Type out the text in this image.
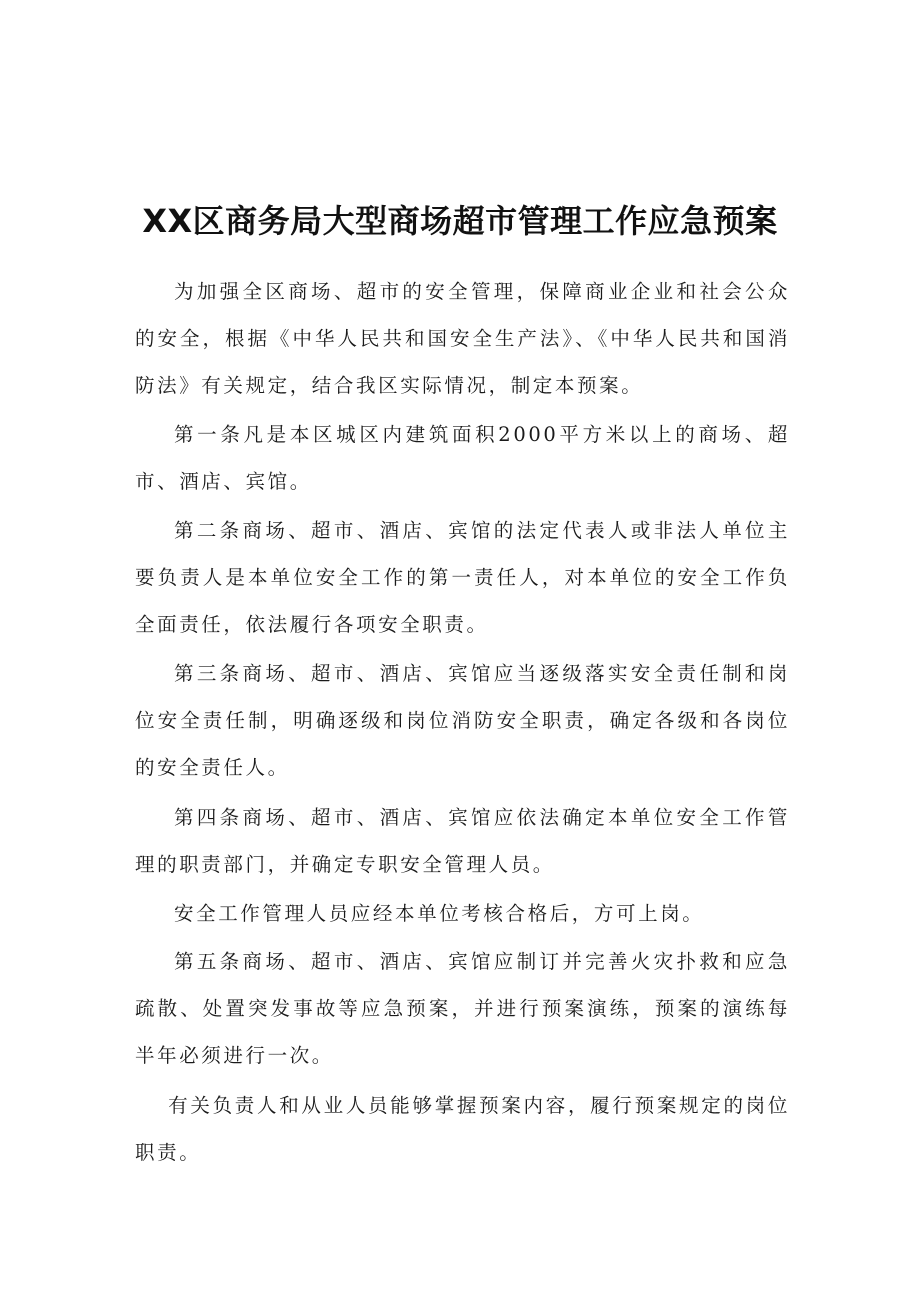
XX区商务局大型商场超市管理工作应急预案

为加强全区商场、超市的安全管理，保障商业企业和社会公众的安全，根据《中华人民共和国安全生产法》、《中华人民共和国消防法》有关规定，结合我区实际情况，制定本预案。

第一条凡是本区城区内建筑面积2000平方米以上的商场、超市、酒店、宾馆。

第二条商场、超市、酒店、宾馆的法定代表人或非法人单位主要负责人是本单位安全工作的第一责任人，对本单位的安全工作负全面责任，依法履行各项安全职责。

第三条商场、超市、酒店、宾馆应当逐级落实安全责任制和岗位安全责任制，明确逐级和岗位消防安全职责，确定各级和各岗位的安全责任人。

第四条商场、超市、酒店、宾馆应依法确定本单位安全工作管理的职责部门，并确定专职安全管理人员。

安全工作管理人员应经本单位考核合格后，方可上岗。

第五条商场、超市、酒店、宾馆应制订并完善火灾扑救和应急疏散、处置突发事故等应急预案，并进行预案演练，预案的演练每半年必须进行一次。

有关负责人和从业人员能够掌握预案内容，履行预案规定的岗位职责。
